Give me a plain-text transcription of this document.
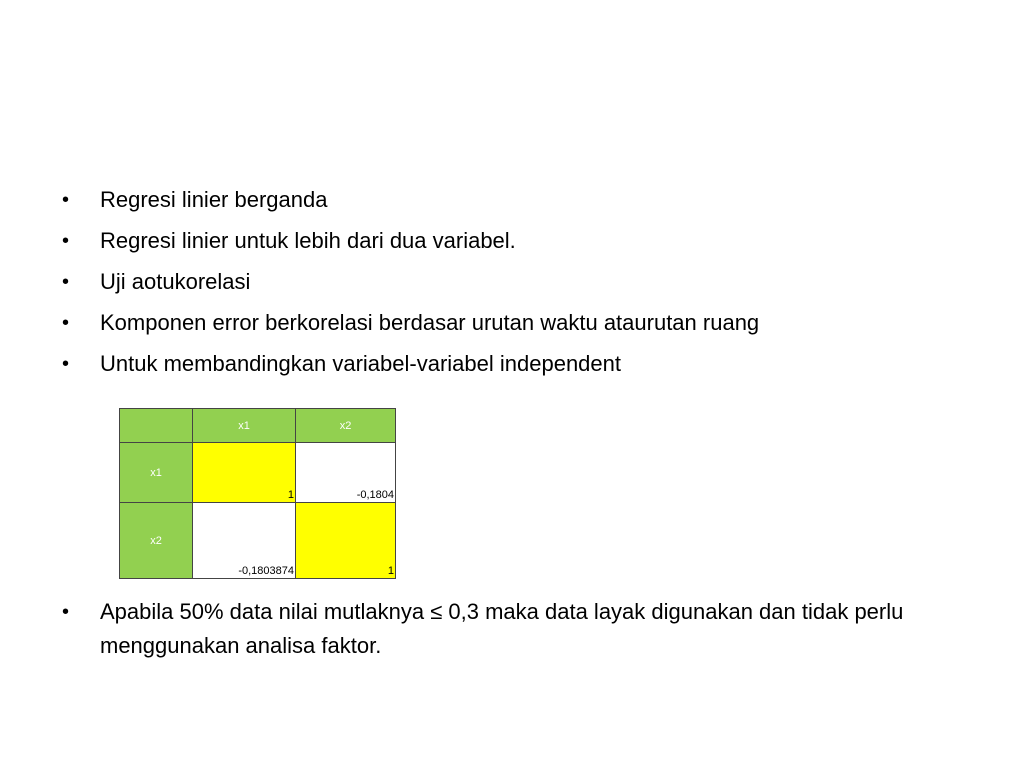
•	Regresi linier berganda
•	Regresi linier untuk lebih dari dua variabel.
•	Uji aotukorelasi
•	Komponen error berkorelasi berdasar urutan waktu ataurutan ruang
•	Untuk membandingkan variabel-variabel independent
	x1	x2
x1	1	-0,1804
x2	-0,1803874	1
•	Apabila 50% data nilai mutlaknya ≤ 0,3 maka data layak digunakan dan tidak perlu menggunakan analisa faktor.
